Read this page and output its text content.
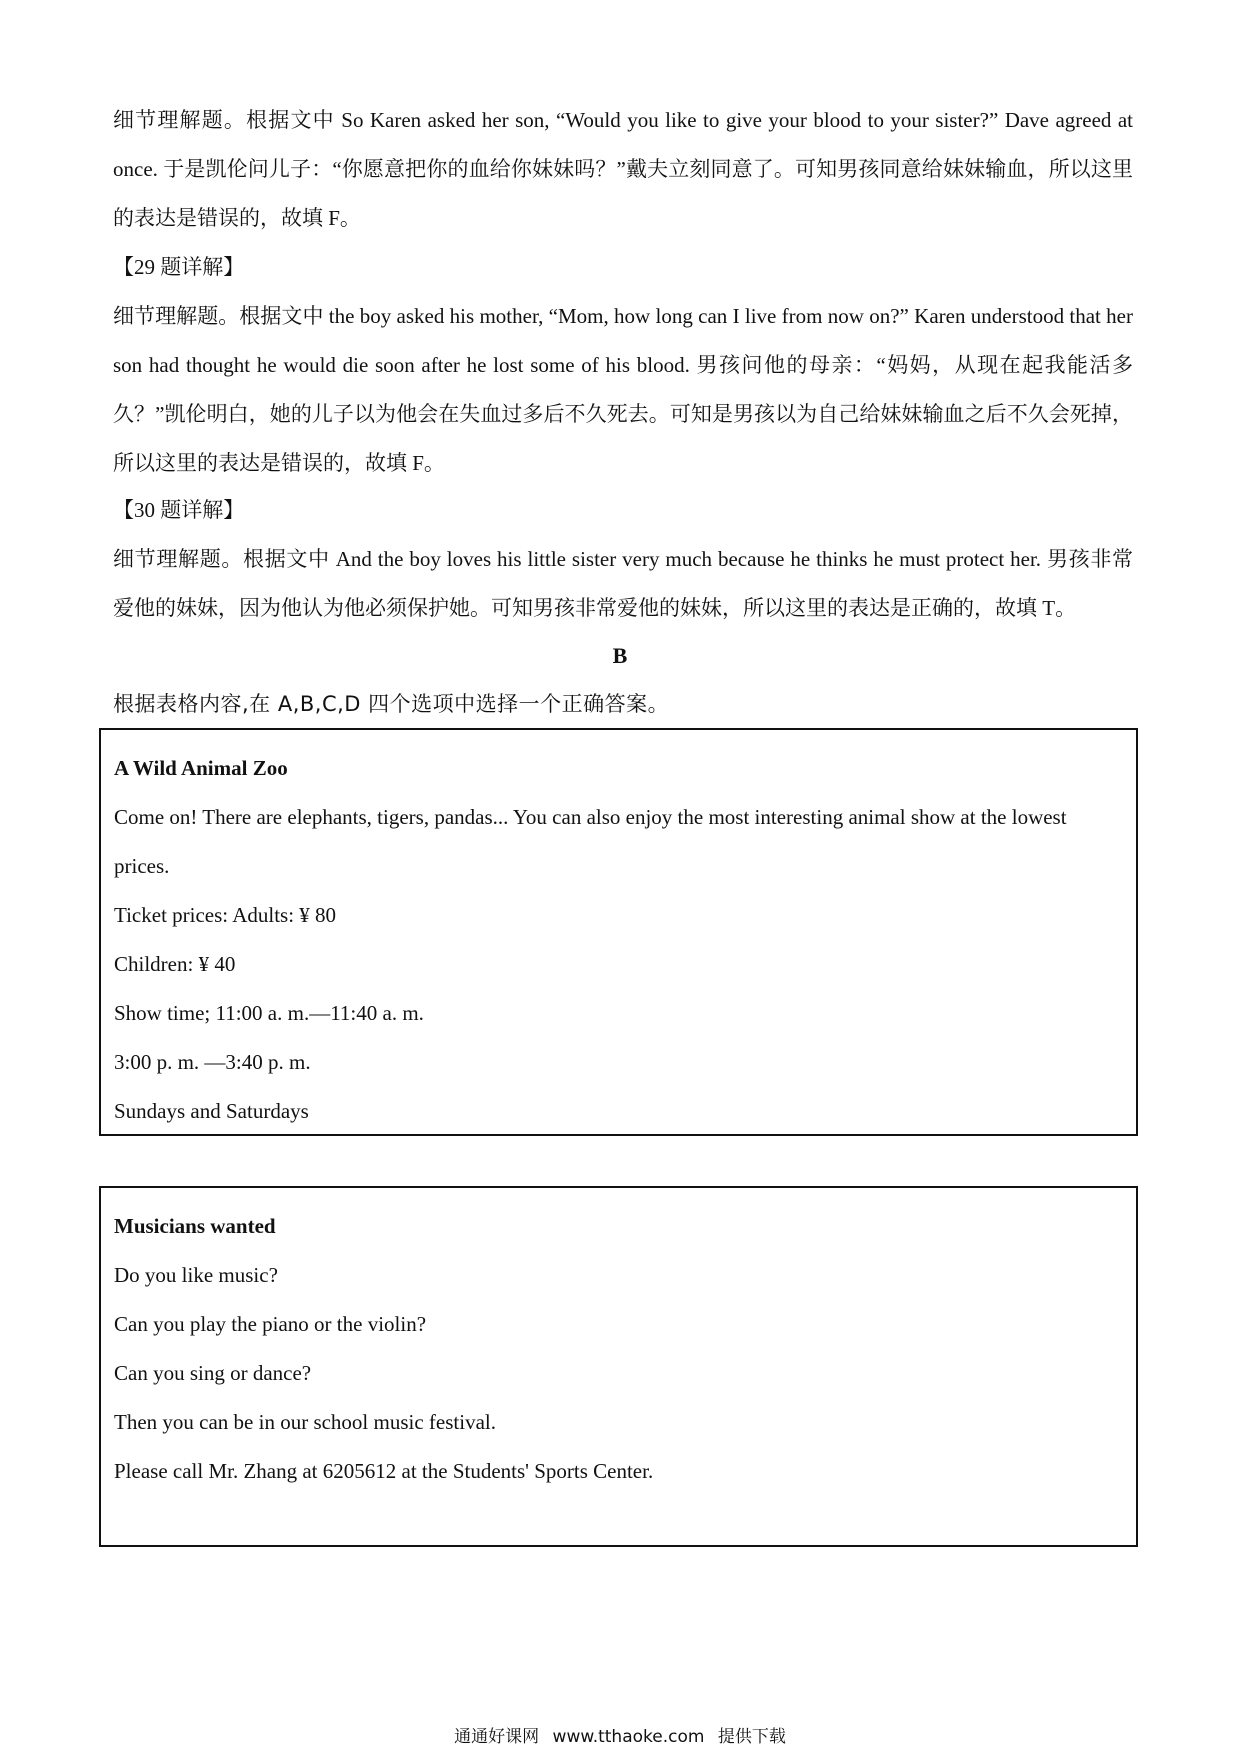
细节理解题。根据文中 So Karen asked her son, “Would you like to give your blood to your sister?” Dave agreed at once. 于是凯伦问儿子：“你愿意把你的血给你妹妹吗？”戴夫立刻同意了。可知男孩同意给妹妹输血，所以这里的表达是错误的，故填 F。
【29 题详解】
细节理解题。根据文中 the boy asked his mother, “Mom, how long can I live from now on?” Karen understood that her son had thought he would die soon after he lost some of his blood. 男孩问他的母亲：“妈妈，从现在起我能活多久？”凯伦明白，她的儿子以为他会在失血过多后不久死去。可知是男孩以为自己给妹妹输血之后不久会死掉，所以这里的表达是错误的，故填 F。
【30 题详解】
细节理解题。根据文中 And the boy loves his little sister very much because he thinks he must protect her. 男孩非常爱他的妹妹，因为他认为他必须保护她。可知男孩非常爱他的妹妹，所以这里的表达是正确的，故填 T。
B
根据表格内容,在 A,B,C,D 四个选项中选择一个正确答案。
A Wild Animal Zoo
Come on! There are elephants, tigers, pandas... You can also enjoy the most interesting animal show at the lowest
prices.
Ticket prices: Adults: ¥ 80
Children: ¥ 40
Show time; 11:00 a. m.—11:40 a. m.
3:00 p. m. —3:40 p. m.
Sundays and Saturdays
Musicians wanted
Do you like music?
Can you play the piano or the violin?
Can you sing or dance?
Then you can be in our school music festival.
Please call Mr. Zhang at 6205612 at the Students' Sports Center.
通通好课网 www.tthaoke.com 提供下载
